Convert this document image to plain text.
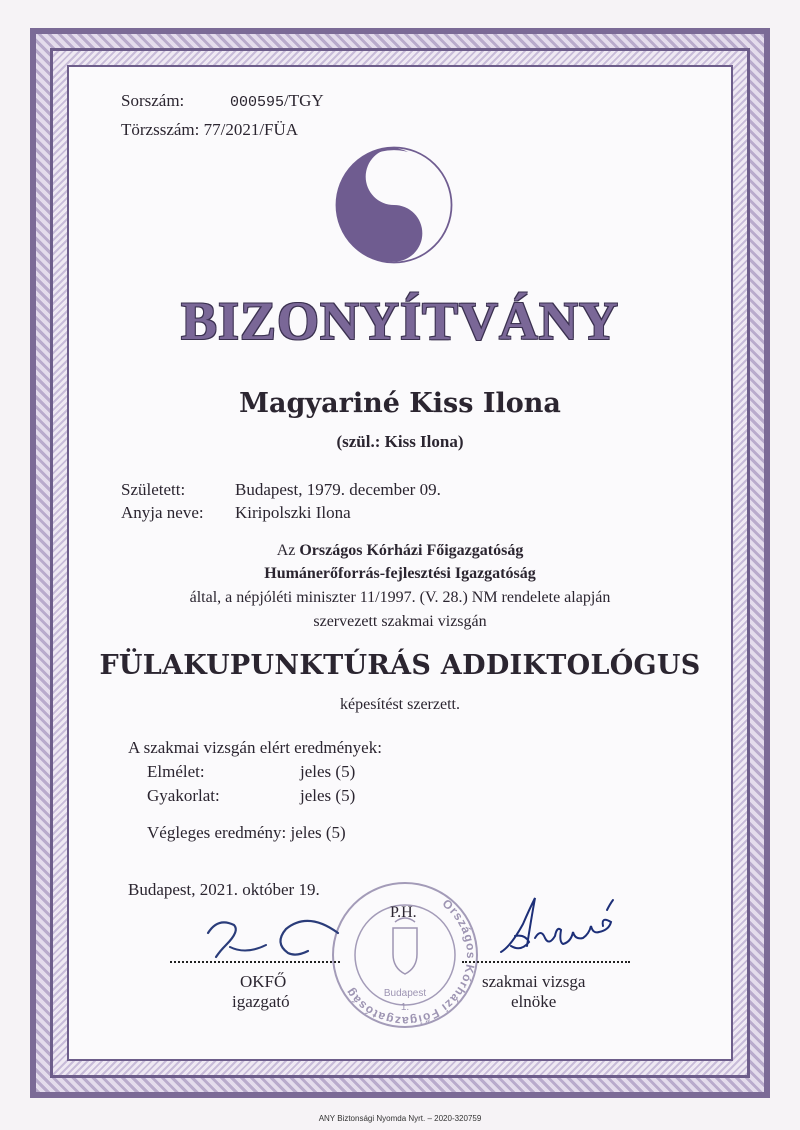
Sorszám:	000595/TGY
Törzsszám: 77/2021/FÜA
BIZONYÍTVÁNY
Magyariné Kiss Ilona
(szül.: Kiss Ilona)
Született:	Budapest, 1979. december 09.
Anyja neve: Kiripolszki Ilona
Az Országos Kórházi Főigazgatóság
Humánerőforrás-fejlesztési Igazgatóság
által, a népjóléti miniszter 11/1997. (V. 28.) NM rendelete alapján
szervezett szakmai vizsgán
FÜLAKUPUNKTÚRÁS ADDIKTOLÓGUS
képesítést szerzett.
A szakmai vizsgán elért eredmények:
Elmélet:	jeles (5)
Gyakorlat:	jeles (5)
Végleges eredmény: jeles (5)
Budapest, 2021. október 19.
Országos Kórházi Főigazgatóság	Budapest
1.
P.H.
OKFŐ
igazgató
szakmai vizsga
elnöke
ANY Biztonsági Nyomda Nyrt. – 2020-320759
